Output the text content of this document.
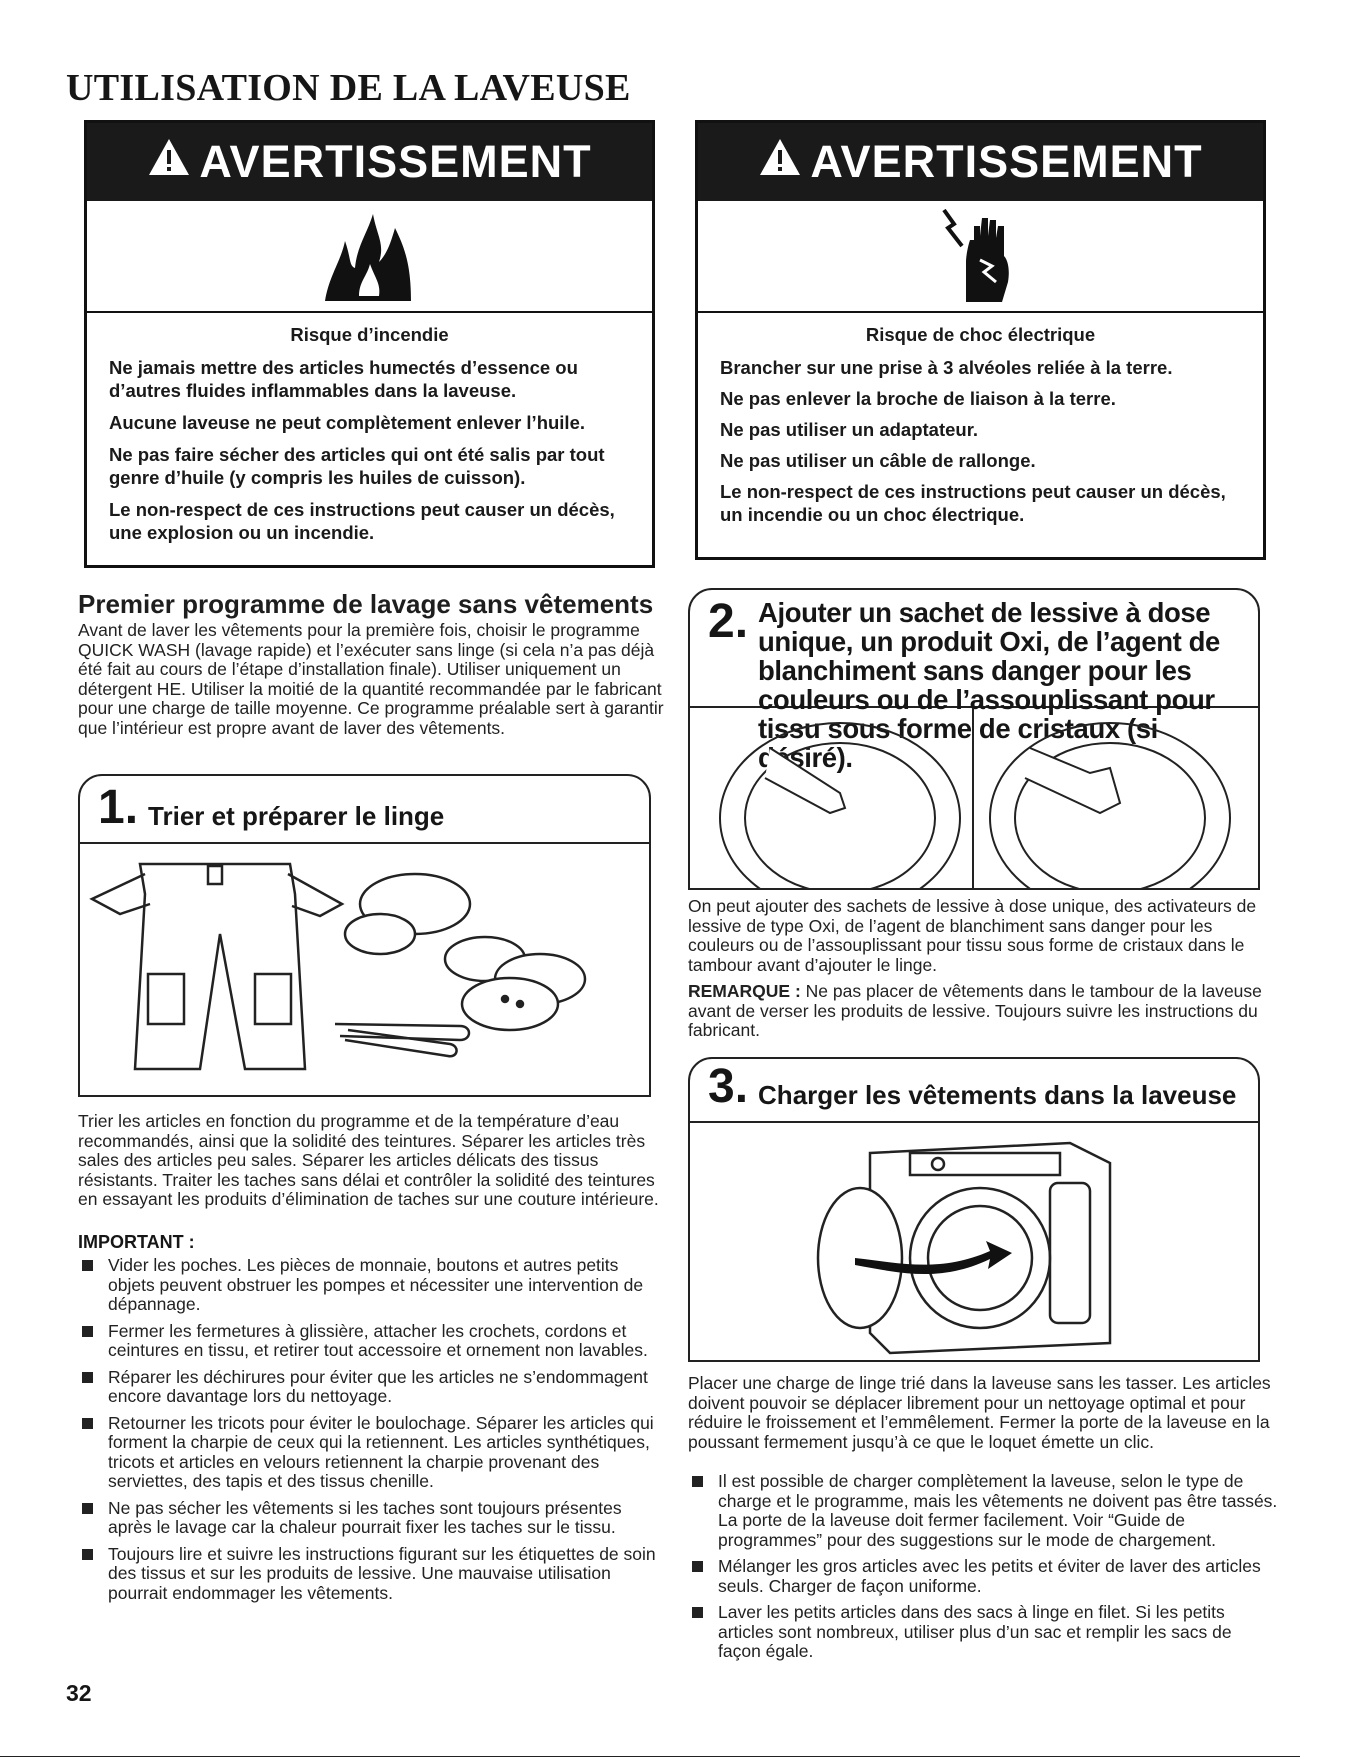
UTILISATION DE LA LAVEUSE
AVERTISSEMENT
Risque d’incendie

Ne jamais mettre des articles humectés d’essence ou d’autres fluides inflammables dans la laveuse.

Aucune laveuse ne peut complètement enlever l’huile.

Ne pas faire sécher des articles qui ont été salis par tout genre d’huile (y compris les huiles de cuisson).

Le non-respect de ces instructions peut causer un décès, une explosion ou un incendie.

AVERTISSEMENT
Risque de choc électrique

Brancher sur une prise à 3 alvéoles reliée à la terre.

Ne pas enlever la broche de liaison à la terre.

Ne pas utiliser un adaptateur.

Ne pas utiliser un câble de rallonge.

Le non-respect de ces instructions peut causer un décès, un incendie ou un choc électrique.

Premier programme de lavage sans vêtements
Avant de laver les vêtements pour la première fois, choisir le programme QUICK WASH (lavage rapide) et l’exécuter sans linge (si cela n’a pas déjà été fait au cours de l’étape d’installation finale). Utiliser uniquement un détergent HE. Utiliser la moitié de la quantité recommandée par le fabricant pour une charge de taille moyenne. Ce programme préalable sert à garantir que l’intérieur est propre avant de laver des vêtements.
1. Trier et préparer le linge
Trier les articles en fonction du programme et de la température d’eau recommandés, ainsi que la solidité des teintures. Séparer les articles très sales des articles peu sales. Séparer les articles délicats des tissus résistants. Traiter les taches sans délai et contrôler la solidité des teintures en essayant les produits d’élimination de taches sur une couture intérieure.
IMPORTANT :
Vider les poches. Les pièces de monnaie, boutons et autres petits objets peuvent obstruer les pompes et nécessiter une intervention de dépannage.
Fermer les fermetures à glissière, attacher les crochets, cordons et ceintures en tissu, et retirer tout accessoire et ornement non lavables.
Réparer les déchirures pour éviter que les articles ne s’endommagent encore davantage lors du nettoyage.
Retourner les tricots pour éviter le boulochage. Séparer les articles qui forment la charpie de ceux qui la retiennent. Les articles synthétiques, tricots et articles en velours retiennent la charpie provenant des serviettes, des tapis et des tissus chenille.
Ne pas sécher les vêtements si les taches sont toujours présentes après le lavage car la chaleur pourrait fixer les taches sur le tissu.
Toujours lire et suivre les instructions figurant sur les étiquettes de soin des tissus et sur les produits de lessive. Une mauvaise utilisation pourrait endommager les vêtements.
2. Ajouter un sachet de lessive à dose unique, un produit Oxi, de l’agent de blanchiment sans danger pour les couleurs ou de l’assouplissant pour tissu sous forme de cristaux (si désiré).
On peut ajouter des sachets de lessive à dose unique, des activateurs de lessive de type Oxi, de l’agent de blanchiment sans danger pour les couleurs ou de l’assouplissant pour tissu sous forme de cristaux dans le tambour avant d’ajouter le linge.
REMARQUE : Ne pas placer de vêtements dans le tambour de la laveuse avant de verser les produits de lessive. Toujours suivre les instructions du fabricant.
3. Charger les vêtements dans la laveuse
Placer une charge de linge trié dans la laveuse sans les tasser. Les articles doivent pouvoir se déplacer librement pour un nettoyage optimal et pour réduire le froissement et l’emmêlement. Fermer la porte de la laveuse en la poussant fermement jusqu’à ce que le loquet émette un clic.
Il est possible de charger complètement la laveuse, selon le type de charge et le programme, mais les vêtements ne doivent pas être tassés. La porte de la laveuse doit fermer facilement. Voir “Guide de programmes” pour des suggestions sur le mode de chargement.
Mélanger les gros articles avec les petits et éviter de laver des articles seuls. Charger de façon uniforme.
Laver les petits articles dans des sacs à linge en filet. Si les petits articles sont nombreux, utiliser plus d’un sac et remplir les sacs de façon égale.
32
